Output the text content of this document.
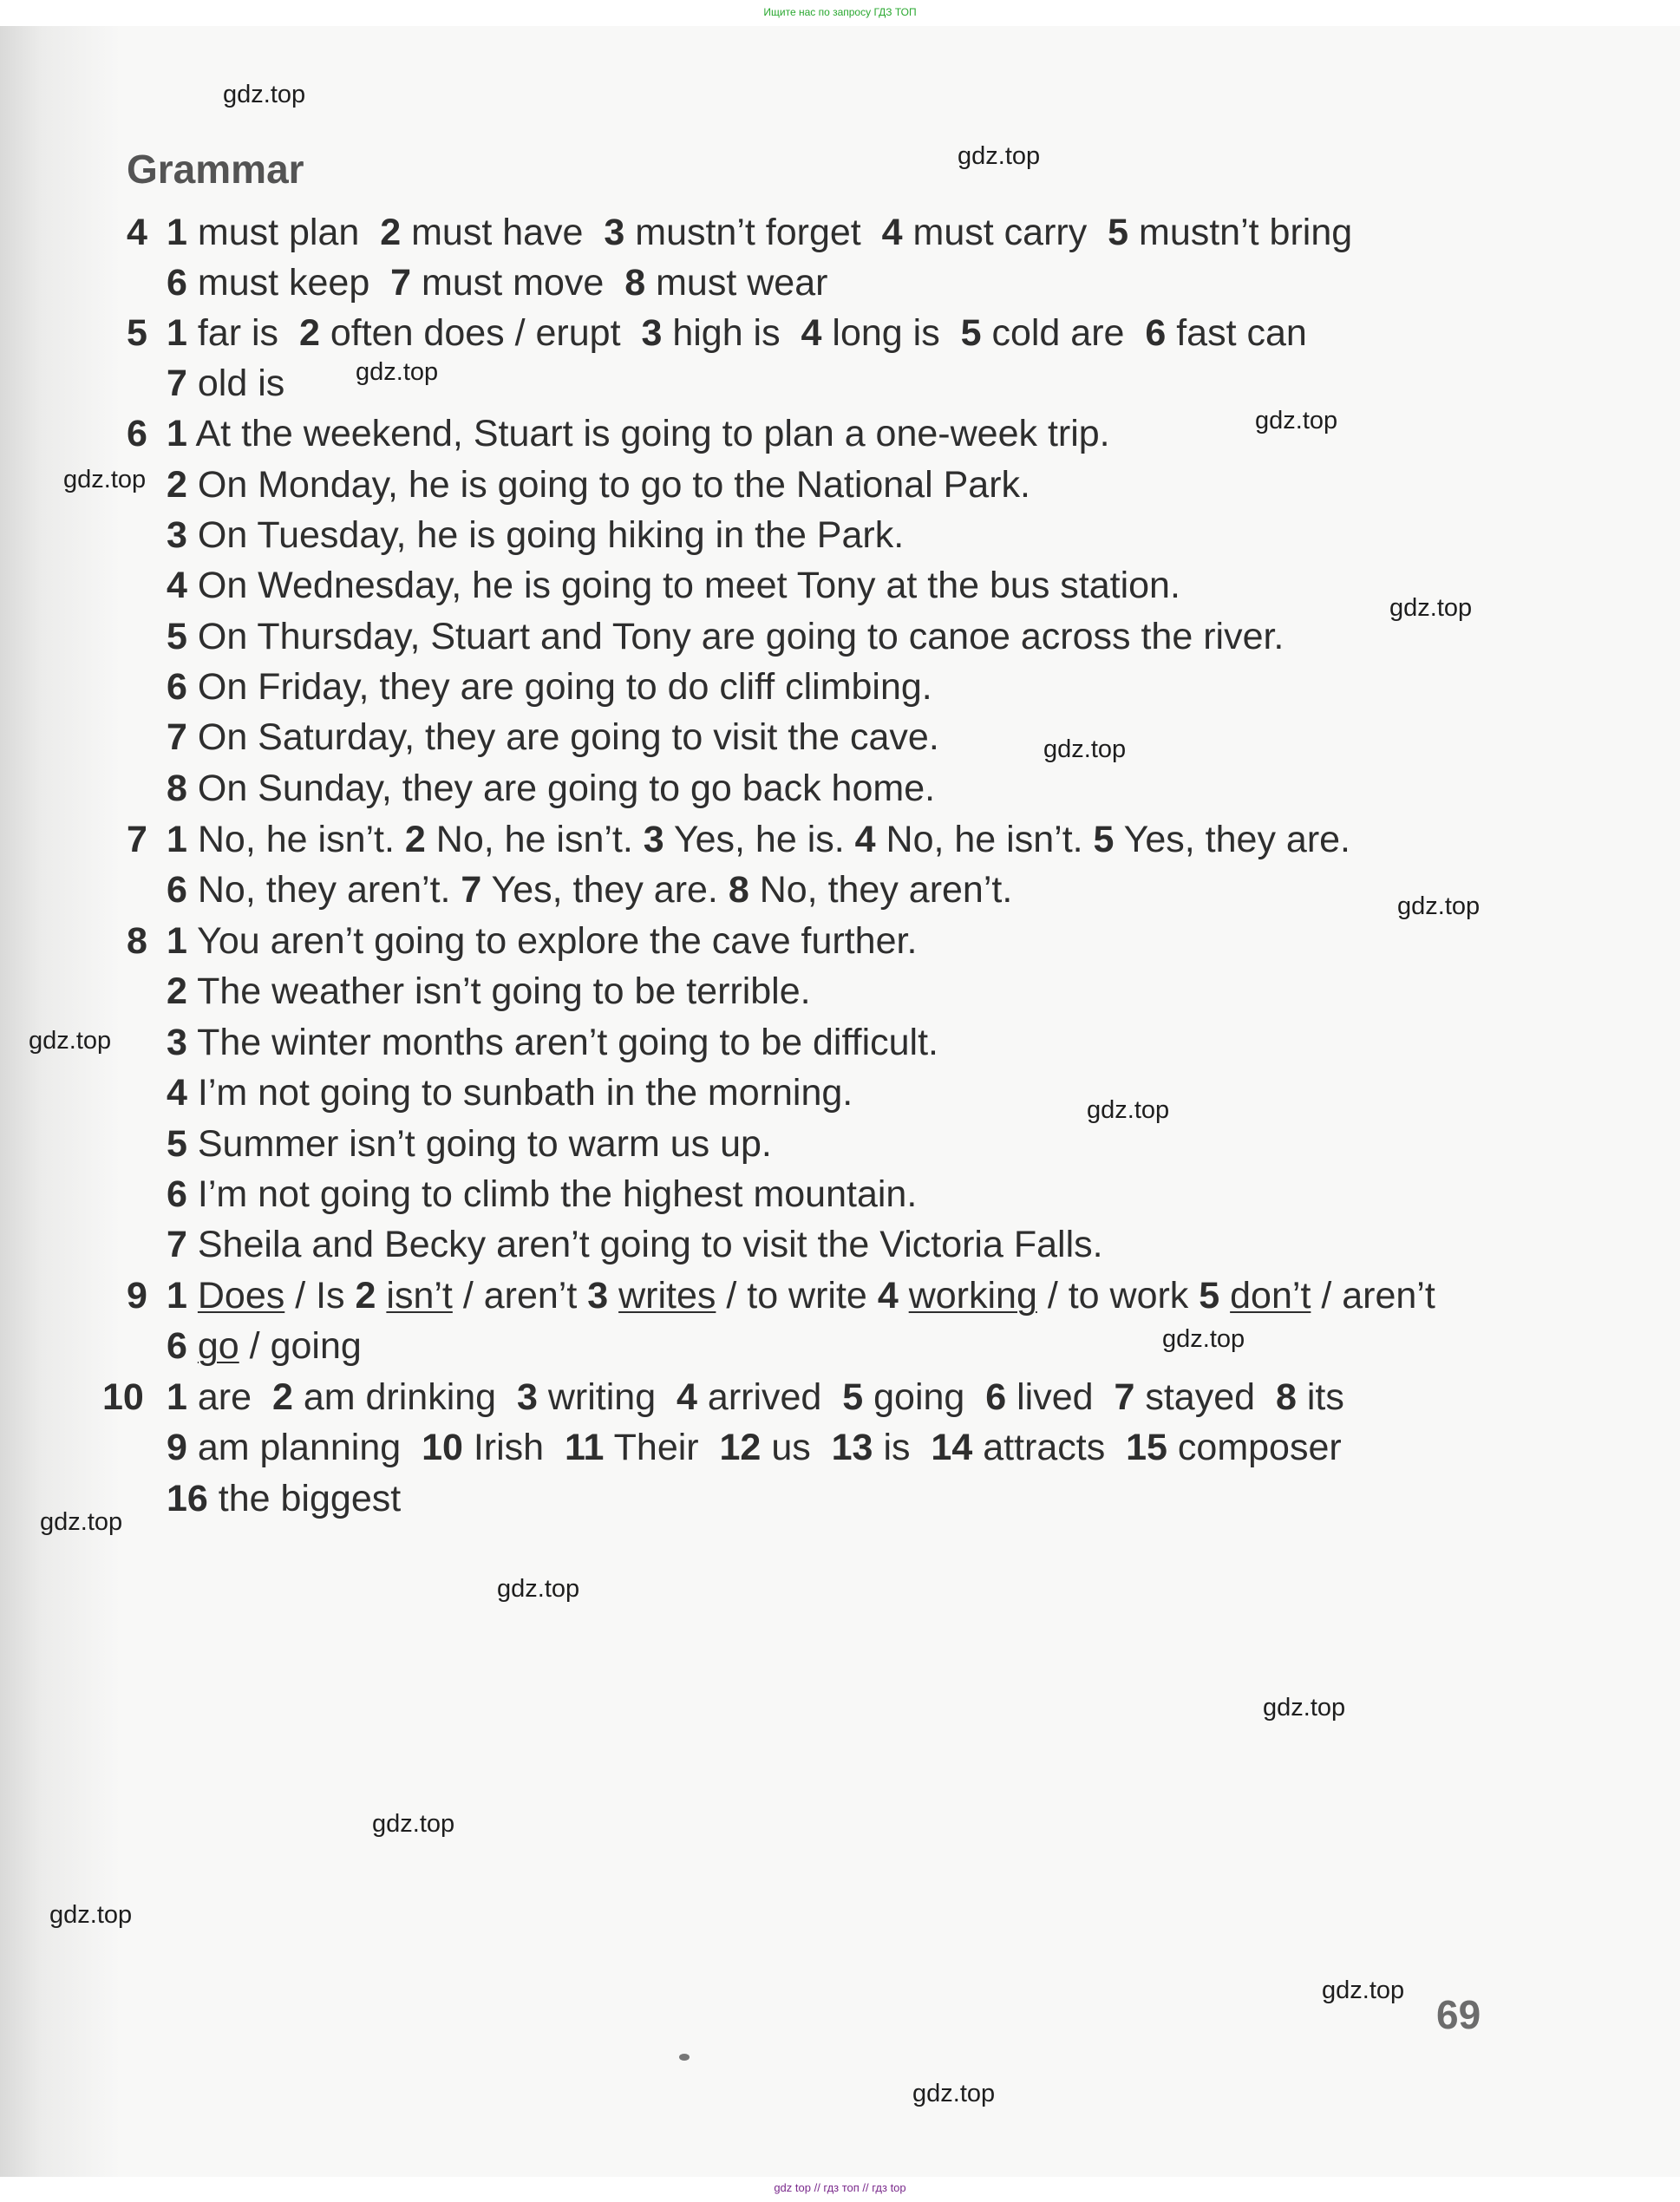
Ищите нас по запросу ГДЗ ТОП
Grammar
4 1 must plan 2 must have 3 mustn’t forget 4 must carry 5 mustn’t bring
6 must keep 7 must move 8 must wear
5 1 far is 2 often does / erupt 3 high is 4 long is 5 cold are 6 fast can
7 old is
6 1 At the weekend, Stuart is going to plan a one-week trip.
2 On Monday, he is going to go to the National Park.
3 On Tuesday, he is going hiking in the Park.
4 On Wednesday, he is going to meet Tony at the bus station.
5 On Thursday, Stuart and Tony are going to canoe across the river.
6 On Friday, they are going to do cliff climbing.
7 On Saturday, they are going to visit the cave.
8 On Sunday, they are going to go back home.
7 1 No, he isn’t. 2 No, he isn’t. 3 Yes, he is. 4 No, he isn’t. 5 Yes, they are.
6 No, they aren’t. 7 Yes, they are. 8 No, they aren’t.
8 1 You aren’t going to explore the cave further.
2 The weather isn’t going to be terrible.
3 The winter months aren’t going to be difficult.
4 I’m not going to sunbath in the morning.
5 Summer isn’t going to warm us up.
6 I’m not going to climb the highest mountain.
7 Sheila and Becky aren’t going to visit the Victoria Falls.
9 1 Does / Is 2 isn’t / aren’t 3 writes / to write 4 working / to work 5 don’t / aren’t
6 go / going
10 1 are 2 am drinking 3 writing 4 arrived 5 going 6 lived 7 stayed 8 its
9 am planning 10 Irish 11 Their 12 us 13 is 14 attracts 15 composer
16 the biggest
gdz.top
gdz.top
gdz.top
gdz.top
gdz.top
gdz.top
gdz.top
gdz.top
gdz.top
gdz.top
gdz.top
gdz.top
gdz.top
gdz.top
gdz.top
gdz.top
gdz.top
gdz.top
69
gdz top // гдз топ // гдз top
